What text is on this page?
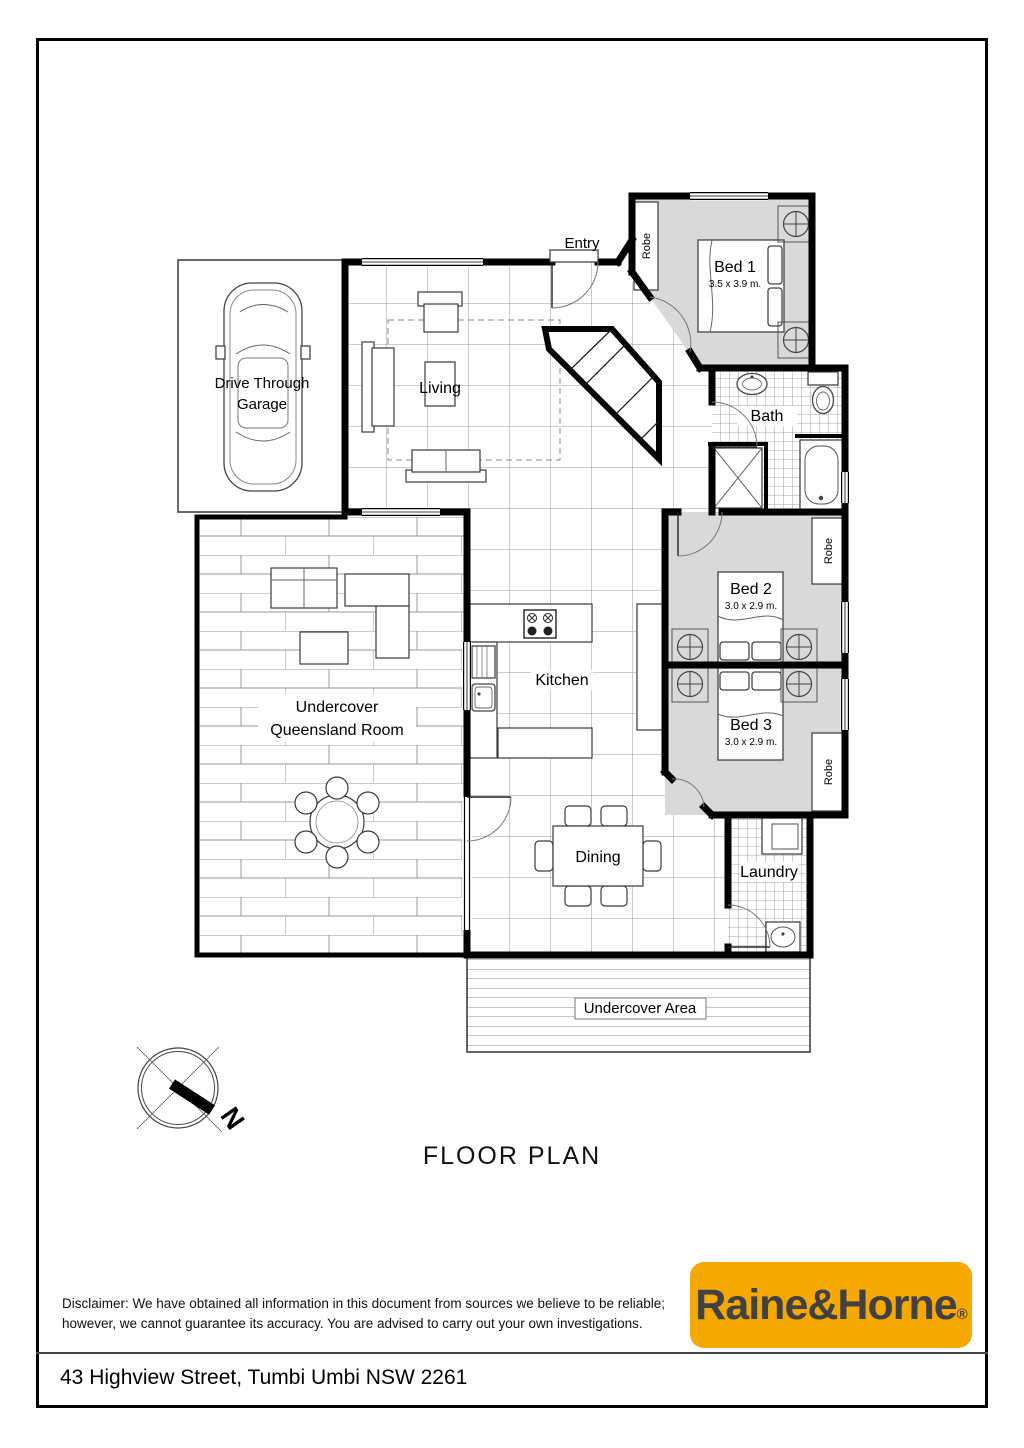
Undercover Area
Drive Through
Garage
Living
Undercover
Queensland Room
Kitchen
Dining
Robe
Bed 1
3.5 x 3.9 m.
Bath
Robe
Bed 2
3.0 x 2.9 m.
Robe
Bed 3
3.0 x 2.9 m.
Laundry
Entry
N
FLOOR PLAN
Disclaimer: We have obtained all information in this document from sources we believe to be reliable;
however, we cannot guarantee its accuracy. You are advised to carry out your own investigations.	Raine&Horne®
43 Highview Street, Tumbi Umbi NSW 2261
